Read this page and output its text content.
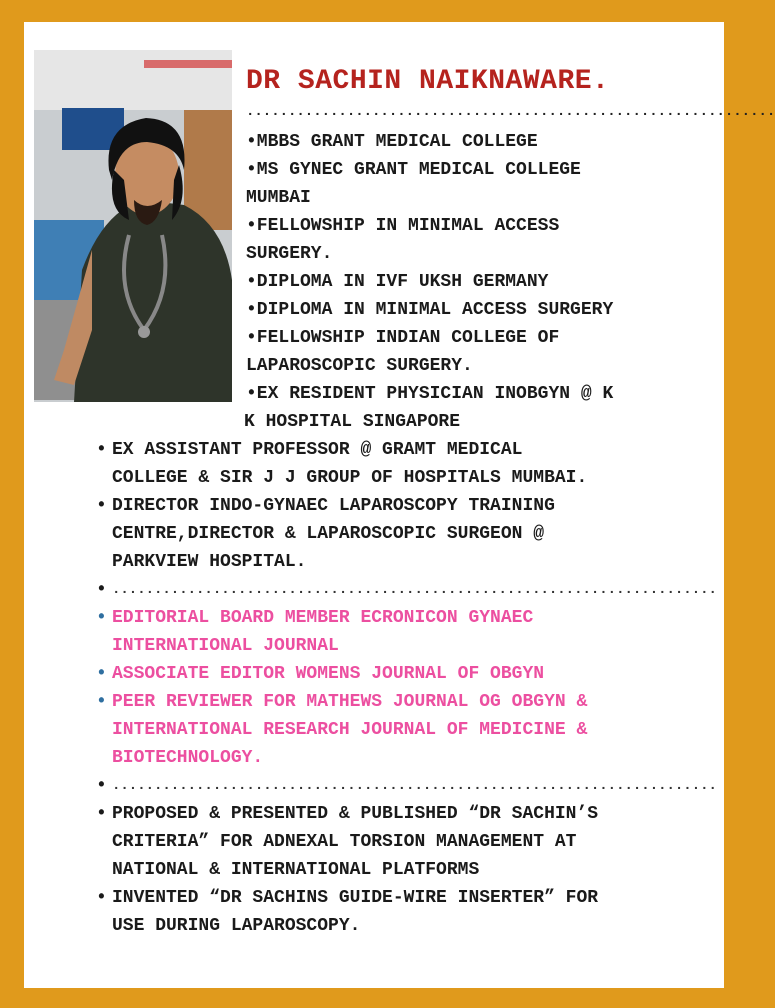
DR SACHIN NAIKNAWARE.
...............................................................
•MBBS GRANT MEDICAL COLLEGE
•MS GYNEC GRANT MEDICAL COLLEGE
MUMBAI
•FELLOWSHIP IN MINIMAL ACCESS
SURGERY.
•DIPLOMA IN IVF UKSH GERMANY
•DIPLOMA IN MINIMAL ACCESS SURGERY
•FELLOWSHIP INDIAN COLLEGE OF
LAPAROSCOPIC SURGERY.
•EX RESIDENT PHYSICIAN INOBGYN @ K
K HOSPITAL SINGAPORE
• EX ASSISTANT PROFESSOR @ GRAMT MEDICAL
COLLEGE & SIR J J GROUP OF HOSPITALS MUMBAI.
• DIRECTOR INDO-GYNAEC LAPAROSCOPY TRAINING
CENTRE,DIRECTOR & LAPAROSCOPIC SURGEON @
PARKVIEW HOSPITAL.
• ........................................................................
• EDITORIAL BOARD MEMBER ECRONICON GYNAEC
INTERNATIONAL JOURNAL
• ASSOCIATE EDITOR WOMENS JOURNAL OF OBGYN
• PEER REVIEWER FOR MATHEWS JOURNAL OG OBGYN &
INTERNATIONAL RESEARCH JOURNAL OF MEDICINE &
BIOTECHNOLOGY.
• ........................................................................
• PROPOSED & PRESENTED & PUBLISHED “DR SACHIN’S
CRITERIA” FOR ADNEXAL TORSION MANAGEMENT AT
NATIONAL & INTERNATIONAL PLATFORMS
• INVENTED “DR SACHINS GUIDE-WIRE INSERTER” FOR
USE DURING LAPAROSCOPY.
